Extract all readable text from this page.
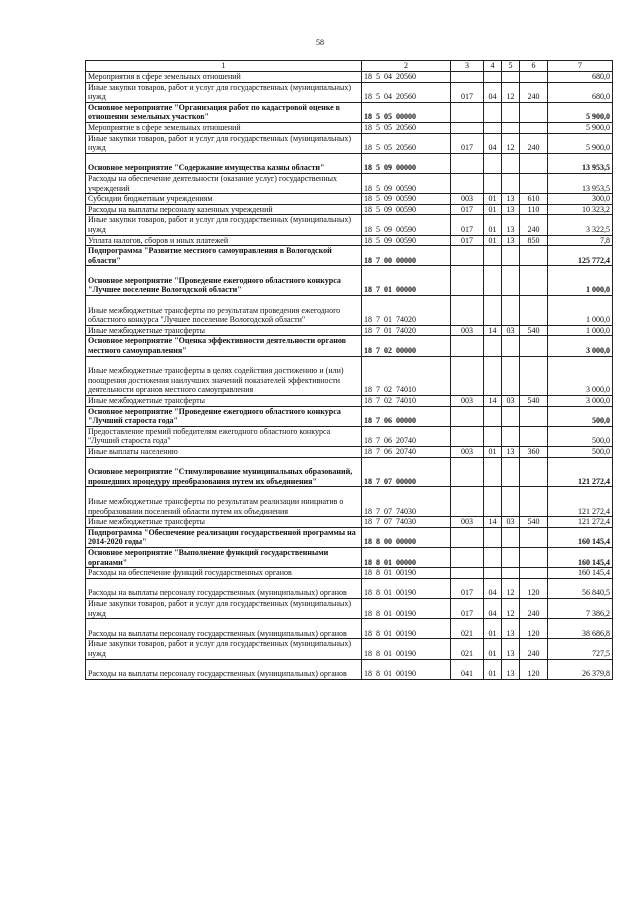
58
1	2	3	4	5	6	7
Мероприятия в сфере земельных отношений	18  5  04  20560					680,0
Иные закупки товаров, работ и услуг для государственных (муниципальных) нужд	18  5  04  20560	017	04	12	240	680,0
Основное мероприятие "Организация работ по кадастровой оценке в отношении земельных участков"	18  5  05  00000					5 900,0
Мероприятие в сфере земельных отношений	18  5  05  20560					5 900,0
Иные закупки товаров, работ и услуг для государственных (муниципальных) нужд	18  5  05  20560	017	04	12	240	5 900,0
Основное мероприятие "Содержание имущества казны области"	18  5  09  00000					13 953,5
Расходы на обеспечение деятельности (оказание услуг) государственных учреждений	18  5  09  00590					13 953,5
Субсидии бюджетным учреждениям	18  5  09  00590	003	01	13	610	300,0
Расходы на выплаты персоналу казенных учреждений	18  5  09  00590	017	01	13	110	10 323,2
Иные закупки товаров, работ и услуг для государственных (муниципальных) нужд	18  5  09  00590	017	01	13	240	3 322,5
Уплата налогов, сборов и иных платежей	18  5  09  00590	017	01	13	850	7,8
Подпрограмма "Развитие местного самоуправления в Вологодской области"	18  7  00  00000					125 772,4
Основное мероприятие "Проведение ежегодного областного конкурса "Лучшее поселение Вологодской области"	18  7  01  00000					1 000,0
Иные межбюджетные трансферты по результатам проведения ежегодного областного конкурса "Лучшее поселение Вологодской области"	18  7  01  74020					1 000,0
Иные межбюджетные трансферты	18  7  01  74020	003	14	03	540	1 000,0
Основное мероприятие "Оценка эффективности деятельности органов местного самоуправления"	18  7  02  00000					3 000,0
Иные межбюджетные трансферты в целях содействия достижению и (или) поощрения достижения наилучших значений показателей эффективности деятельности органов местного самоуправления	18  7  02  74010					3 000,0
Иные межбюджетные трансферты	18  7  02  74010	003	14	03	540	3 000,0
Основное мероприятие "Проведение ежегодного областного конкурса "Лучший староста года"	18  7  06  00000					500,0
Предоставление премий победителям ежегодного областного конкурса "Лучший староста года"	18  7  06  20740					500,0
Иные выплаты населению	18  7  06  20740	003	01	13	360	500,0
Основное мероприятие "Стимулирование муниципальных образований, прошедших процедуру преобразования путем их объединения"	18  7  07  00000					121 272,4
Иные межбюджетные трансферты по результатам реализации инициатив о преобразовании поселений области путем их объединения	18  7  07  74030					121 272,4
Иные межбюджетные трансферты	18  7  07  74030	003	14	03	540	121 272,4
Подпрограмма "Обеспечение реализации государственной программы на 2014-2020 годы"	18  8  00  00000					160 145,4
Основное мероприятие "Выполнение функций государственными органами"	18  8  01  00000					160 145,4
Расходы на обеспечение функций государственных органов	18  8  01  00190					160 145,4
Расходы на выплаты персоналу государственных (муниципальных) органов	18  8  01  00190	017	04	12	120	56 840,5
Иные закупки товаров, работ и услуг для государственных (муниципальных) нужд	18  8  01  00190	017	04	12	240	7 386,2
Расходы на выплаты персоналу государственных (муниципальных) органов	18  8  01  00190	021	01	13	120	38 686,8
Иные закупки товаров, работ и услуг для государственных (муниципальных) нужд	18  8  01  00190	021	01	13	240	727,5
Расходы на выплаты персоналу государственных (муниципальных) органов	18  8  01  00190	041	01	13	120	26 379,8
